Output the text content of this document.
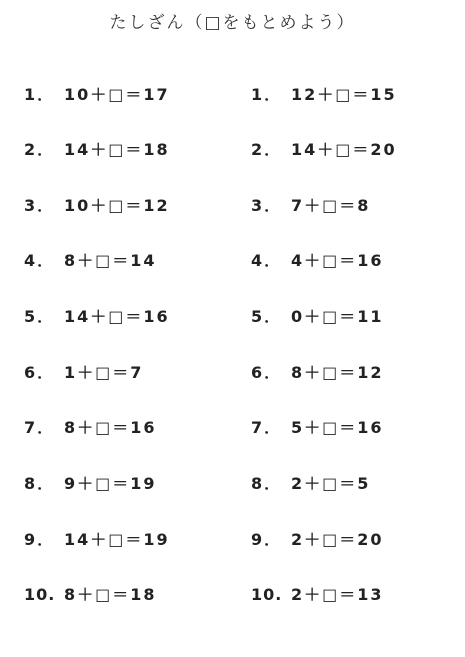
たしざん（□をもとめよう）
1． 10＋□＝17
2． 14＋□＝18
3． 10＋□＝12
4． 8＋□＝14
5． 14＋□＝16
6． 1＋□＝7
7． 8＋□＝16
8． 9＋□＝19
9． 14＋□＝19
10. 8＋□＝18
1． 12＋□＝15
2． 14＋□＝20
3． 7＋□＝8
4． 4＋□＝16
5． 0＋□＝11
6． 8＋□＝12
7． 5＋□＝16
8． 2＋□＝5
9． 2＋□＝20
10. 2＋□＝13
